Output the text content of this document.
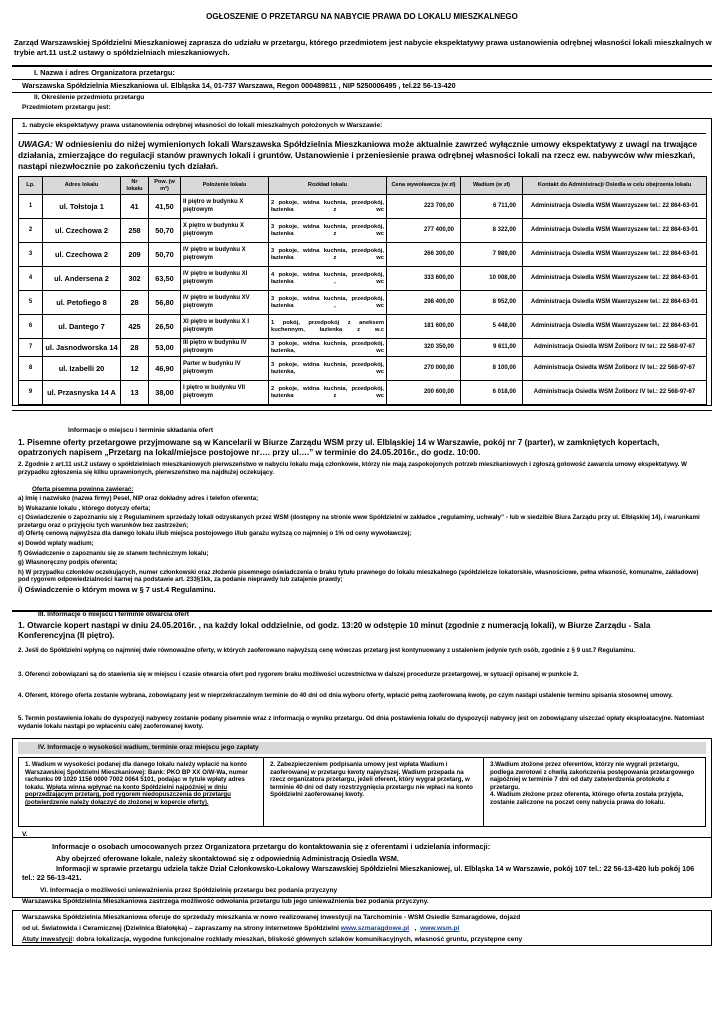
OGŁOSZENIE O PRZETARGU NA NABYCIE PRAWA DO LOKALU MIESZKALNEGO
Zarząd Warszawskiej Spółdzielni Mieszkaniowej zaprasza do udziału w przetargu, którego przedmiotem jest nabycie ekspektatywy prawa ustanowienia odrębnej własności lokali mieszkalnych w trybie art.11 ust.2 ustawy o spółdzielniach mieszkaniowych.
I. Nazwa i adres Organizatora przetargu:
Warszawska Spółdzielnia Mieszkaniowa ul. Elbląska 14, 01-737 Warszawa, Regon 000489811 , NIP 5250006495 , tel.22 56-13-420
II. Określenie przedmiotu przetargu
Przedmiotem przetargu jest:
1. nabycie ekspektatywy prawa ustanowienia odrębnej własności do lokali mieszkalnych położonych w Warszawie:
UWAGA: W odniesieniu do niżej wymienionych lokali Warszawska Spółdzielnia Mieszkaniowa może aktualnie zawrzeć wyłącznie umowy ekspektatywy z uwagi na trwające działania, zmierzające do regulacji stanów prawnych lokali i gruntów. Ustanowienie i przeniesienie prawa odrębnej własności lokali na rzecz ew. nabywców w/w mieszkań, nastąpi niezwłocznie po zakończeniu tych działań.
Lp.	Adres lokalu	Nr lokalu	Pow. (w m²)	Położenie lokalu	Rozkład lokalu	Cena wywoławcza (w zł)	Wadium (w zł)	Kontakt do Administracji Osiedla w celu obejrzenia lokalu
1	ul. Tołstoja 1	41	41,50	II piętro w budynku X piętrowym	2 pokoje, widna kuchnia, przedpokój, łazienka z wc	223 700,00	6 711,00	Administracja Osiedla WSM Wawrzyszew tel.: 22 864-63-01
2	ul. Czechowa 2	258	50,70	X piętro w budynku X piętrowym	3 pokoje, widna kuchnia, przedpokój, łazienka z wc	277 400,00	8 322,00	Administracja Osiedla WSM Wawrzyszew tel.: 22 864-63-01
3	ul. Czechowa 2	209	50,70	IV piętro w budynku X piętrowym	3 pokoje, widna kuchnia, przedpokój, łazienka z wc	266 300,00	7 989,00	Administracja Osiedla WSM Wawrzyszew tel.: 22 864-63-01
4	ul. Andersena 2	302	63,50	IV piętro w budynku XI piętrowym	4 pokoje, widna kuchnia, przedpokój, łazienka , wc	333 600,00	10 008,00	Administracja Osiedla WSM Wawrzyszew tel.: 22 864-63-01
5	ul. Petofiego 8	28	56,80	IV piętro w budynku XV piętrowym	3 pokoje, widna kuchnia, przedpokój, łazienka , wc	298 400,00	8 952,00	Administracja Osiedla WSM Wawrzyszew tel.: 22 864-63-01
6	ul. Dantego 7	425	26,50	XI piętro w budynku X I piętrowym	1 pokój, przedpokój z aneksem kuchennym, łazienka z w.c	181 600,00	5 448,00	Administracja Osiedla WSM Wawrzyszew tel.: 22 864-63-01
7	ul. Jasnodworska 14	28	53,00	III piętro w budynku IV piętrowym	3 pokoje, widna kuchnia, przedpokój, łazienka, wc	320 350,00	9 611,00	Administracja Osiedla WSM Żoliborz IV tel.: 22 568-97-67
8	ul. Izabelli 20	12	46,90	Parter w budynku IV piętrowym	3 pokoje, widna kuchnia, przedpokój, łazienka, wc	270 000,00	8 100,00	Administracja Osiedla WSM Żoliborz IV tel.: 22 568-97-67
9	ul. Przasnyska 14 A	13	38,00	I piętro w budynku VII piętrowym	2 pokoje, widna kuchnia, przedpokój, łazienka z wc	200 600,00	6 018,00	Administracja Osiedla WSM Żoliborz IV tel.: 22 568-97-67
Informacje o miejscu i terminie składania ofert
1. Pisemne oferty przetargowe przyjmowane są w Kancelarii w Biurze Zarządu WSM przy ul. Elbląskiej 14 w Warszawie, pokój nr 7 (parter), w zamkniętych kopertach, opatrzonych napisem „Przetarg na lokal/miejsce postojowe nr…. przy ul….” w terminie do 24.05.2016r., do godz. 10:00.
2. Zgodnie z art.11 ust.2 ustawy o spółdzielniach mieszkaniowych pierwszeństwo w nabyciu lokalu mają członkowie, którzy nie mają zaspokojonych potrzeb mieszkaniowych i zgłoszą gotowość zawarcia umowy ekspektatywy. W przypadku zgłoszenia się kilku uprawnionych, pierwszeństwo ma najdłużej oczekujący.
Oferta pisemna powinna zawierać:
a) Imię i nazwisko (nazwa firmy) Pesel, NIP oraz dokładny adres i telefon oferenta;
b) Wskazanie lokalu , którego dotyczy oferta;
c) Oświadczenie o zapoznaniu się z Regulaminem sprzedaży lokali odzyskanych przez WSM (dostępny na stronie www Spółdzielni w zakładce „regulaminy, uchwały” - lub w siedzibie Biura Zarządu przy ul. Elbląskiej 14), i warunkami przetargu oraz o przyjęciu tych warunków bez zastrzeżeń;
d) Ofertę cenową najwyższa dla danego lokalu i/lub miejsca postojowego i/lub garażu wyższą co najmniej o 1% od ceny wywoławczej;
e) Dowód wpłaty wadium;
f) Oświadczenie o zapoznaniu się ze stanem technicznym lokalu;
g) Własnoręczny podpis oferenta;
h) W przypadku członków oczekujących, numer członkowski oraz złożenie pisemnego oświadczenia o braku tytułu prawnego do lokalu mieszkalnego (spółdzielcze lokatorskie, własnościowe, pełna własność, komunalne, zakładowe) pod rygorem odpowiedzialności karnej na podstawie art. 233§1kk, za podanie nieprawdy lub zatajenie prawdy;
i) Oświadczenie o którym mowa w § 7 ust.4 Regulaminu.
III. Informacje o miejscu i terminie otwarcia ofert
1. Otwarcie kopert nastąpi w dniu 24.05.2016r. , na każdy lokal oddzielnie, od godz. 13:20 w odstępie 10 minut (zgodnie z numeracją lokali), w Biurze Zarządu - Sala Konferencyjna (II piętro).
2. Jeśli do Spółdzielni wpłyną co najmniej dwie równoważne oferty, w których zaoferowano najwyższą cenę wówczas przetarg jest kontynuowany z ustaleniem jedynie tych osób, zgodnie z § 9 ust.7 Regulaminu.
3. Oferenci zobowiązani są do stawienia się w miejscu i czasie otwarcia ofert pod rygorem braku możliwości uczestnictwa w dalszej procedurze przetargowej, w sytuacji opisanej w punkcie 2.
4. Oferent, którego oferta zostanie wybrana, zobowiązany jest w nieprzekraczalnym terminie do 40 dni od dnia wyboru oferty, wpłacić pełną zaoferowaną kwotę, po czym nastąpi ustalenie terminu spisania stosownej umowy.
5. Termin postawienia lokalu do dyspozycji nabywcy zostanie podany pisemnie wraz z informacją o wyniku przetargu. Od dnia postawienia lokalu do dyspozycji nabywcy jest on zobowiązany uiszczać opłaty eksploatacyjne. Natomiast wydanie lokalu nastąpi po wpłaceniu całej zaoferowanej kwoty.
IV. Informacje o wysokości wadium, terminie oraz miejscu jego zapłaty
1. Wadium w wysokości podanej dla danego lokalu należy wpłacić na konto Warszawskiej Spółdzielni Mieszkaniowej: Bank: PKO BP XX O/W-Wa, numer rachunku 09 1020 1156 0000 7002 0064 5101, podając w tytule wpłaty adres lokalu. Wpłata winna wpłynąć na konto Spółdzielni najpóźniej w dniu poprzedzającym przetarg, pod rygorem niedopuszczenia do przetargu (potwierdzenie należy dołączyć do złożonej w kopercie oferty).
2. Zabezpieczeniem podpisania umowy jest wpłata Wadium i zaoferowanej w przetargu kwoty najwyższej. Wadium przepada na rzecz organizatora przetargu, jeżeli oferent, który wygrał przetarg, w terminie 40 dni od daty rozstrzygnięcia przetargu nie wpłaci na konto Spółdzielni zaoferowanej kwoty.
3.Wadium złożone przez oferentów, którzy nie wygrali przetargu, podlega zwrotowi z chwilą zakończenia postępowania przetargowego najpóźniej w terminie 7 dni od daty zatwierdzenia protokołu z przetargu.
4. Wadium złożone przez oferenta, którego oferta została przyjęta, zostanie zaliczone na poczet ceny nabycia prawa do lokalu.
V.
Informacje o osobach umocowanych przez Organizatora przetargu do kontaktowania się z oferentami i udzielania informacji:
Aby obejrzeć oferowane lokale, należy skontaktować się z odpowiednią Administracją Osiedla WSM.
Informacji w sprawie przetargu udziela także Dział Członkowsko-Lokalowy Warszawskiej Spółdzielni Mieszkaniowej, ul. Elbląska 14 w Warszawie, pokój 107 tel.: 22 56-13-420 lub pokój 106 tel.: 22 56-13-421.
VI. Informacja o możliwości unieważnienia przez Spółdzielnię przetargu bez podania przyczyny
Warszawska Spółdzielnia Mieszkaniowa zastrzega możliwość odwołania przetargu lub jego unieważnienia bez podania przyczyny.
Warszawska Spółdzielnia Mieszkaniowa oferuje do sprzedaży mieszkania w nowo realizowanej inwestycji na Tarchominie - WSM Osiedle Szmaragdowe, dojazd
od ul. Światowida i Ceramicznej (Dzielnica Białołęka) – zapraszamy na strony internetowe Spółdzielni www.szmaragdowe.pl   ,  www.wsm.pl
Atuty inwestycji: dobra lokalizacja, wygodne funkcjonalne rozkłady mieszkań, bliskość głównych szlaków komunikacyjnych, własność gruntu, przystępne ceny
